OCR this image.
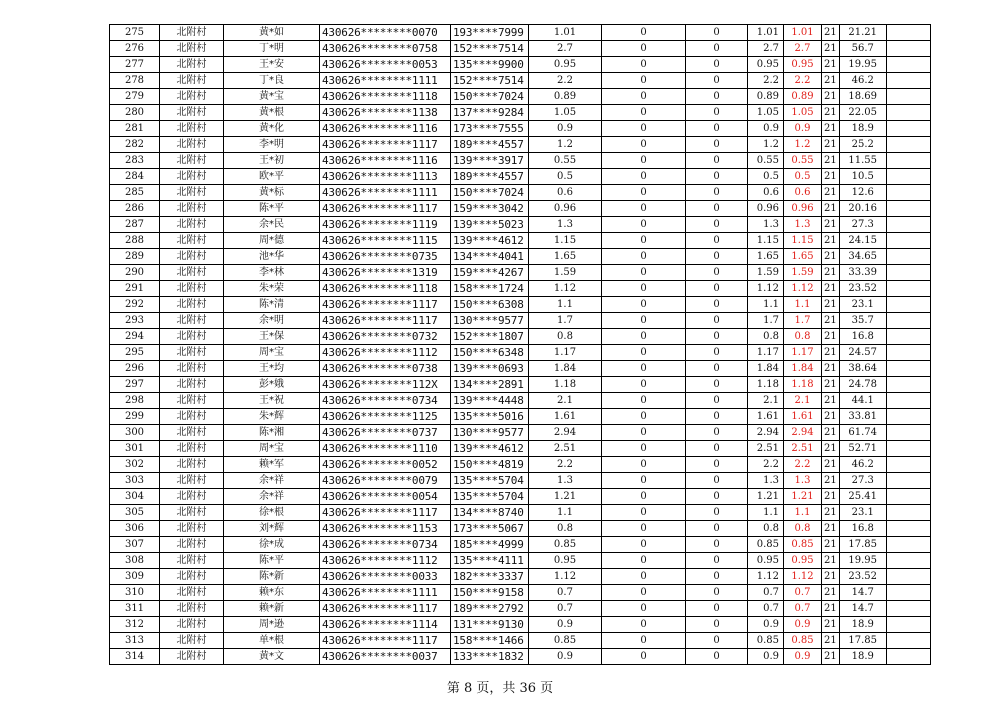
275	北附村	黄*如	430626********0070	193****7999	1.01	0	0	1.01	1.01	21	21.21	
276	北附村	丁*明	430626********0758	152****7514	2.7	0	0	2.7	2.7	21	56.7	
277	北附村	王*安	430626********0053	135****9900	0.95	0	0	0.95	0.95	21	19.95	
278	北附村	丁*良	430626********1111	152****7514	2.2	0	0	2.2	2.2	21	46.2	
279	北附村	黄*宝	430626********1118	150****7024	0.89	0	0	0.89	0.89	21	18.69	
280	北附村	黄*根	430626********1138	137****9284	1.05	0	0	1.05	1.05	21	22.05	
281	北附村	黄*化	430626********1116	173****7555	0.9	0	0	0.9	0.9	21	18.9	
282	北附村	李*明	430626********1117	189****4557	1.2	0	0	1.2	1.2	21	25.2	
283	北附村	王*初	430626********1116	139****3917	0.55	0	0	0.55	0.55	21	11.55	
284	北附村	欧*平	430626********1113	189****4557	0.5	0	0	0.5	0.5	21	10.5	
285	北附村	黄*标	430626********1111	150****7024	0.6	0	0	0.6	0.6	21	12.6	
286	北附村	陈*平	430626********1117	159****3042	0.96	0	0	0.96	0.96	21	20.16	
287	北附村	余*民	430626********1119	139****5023	1.3	0	0	1.3	1.3	21	27.3	
288	北附村	周*德	430626********1115	139****4612	1.15	0	0	1.15	1.15	21	24.15	
289	北附村	池*华	430626********0735	134****4041	1.65	0	0	1.65	1.65	21	34.65	
290	北附村	李*林	430626********1319	159****4267	1.59	0	0	1.59	1.59	21	33.39	
291	北附村	朱*荣	430626********1118	158****1724	1.12	0	0	1.12	1.12	21	23.52	
292	北附村	陈*清	430626********1117	150****6308	1.1	0	0	1.1	1.1	21	23.1	
293	北附村	余*明	430626********1117	130****9577	1.7	0	0	1.7	1.7	21	35.7	
294	北附村	王*保	430626********0732	152****1807	0.8	0	0	0.8	0.8	21	16.8	
295	北附村	周*宝	430626********1112	150****6348	1.17	0	0	1.17	1.17	21	24.57	
296	北附村	王*均	430626********0738	139****0693	1.84	0	0	1.84	1.84	21	38.64	
297	北附村	彭*娥	430626********112X	134****2891	1.18	0	0	1.18	1.18	21	24.78	
298	北附村	王*祝	430626********0734	139****4448	2.1	0	0	2.1	2.1	21	44.1	
299	北附村	朱*辉	430626********1125	135****5016	1.61	0	0	1.61	1.61	21	33.81	
300	北附村	陈*湘	430626********0737	130****9577	2.94	0	0	2.94	2.94	21	61.74	
301	北附村	周*宝	430626********1110	139****4612	2.51	0	0	2.51	2.51	21	52.71	
302	北附村	赖*军	430626********0052	150****4819	2.2	0	0	2.2	2.2	21	46.2	
303	北附村	余*祥	430626********0079	135****5704	1.3	0	0	1.3	1.3	21	27.3	
304	北附村	余*祥	430626********0054	135****5704	1.21	0	0	1.21	1.21	21	25.41	
305	北附村	徐*根	430626********1117	134****8740	1.1	0	0	1.1	1.1	21	23.1	
306	北附村	刘*辉	430626********1153	173****5067	0.8	0	0	0.8	0.8	21	16.8	
307	北附村	徐*成	430626********0734	185****4999	0.85	0	0	0.85	0.85	21	17.85	
308	北附村	陈*平	430626********1112	135****4111	0.95	0	0	0.95	0.95	21	19.95	
309	北附村	陈*新	430626********0033	182****3337	1.12	0	0	1.12	1.12	21	23.52	
310	北附村	赖*东	430626********1111	150****9158	0.7	0	0	0.7	0.7	21	14.7	
311	北附村	赖*新	430626********1117	189****2792	0.7	0	0	0.7	0.7	21	14.7	
312	北附村	周*逊	430626********1114	131****9130	0.9	0	0	0.9	0.9	21	18.9	
313	北附村	单*根	430626********1117	158****1466	0.85	0	0	0.85	0.85	21	17.85	
314	北附村	黄*文	430626********0037	133****1832	0.9	0	0	0.9	0.9	21	18.9	
第 8 页，共 36 页
